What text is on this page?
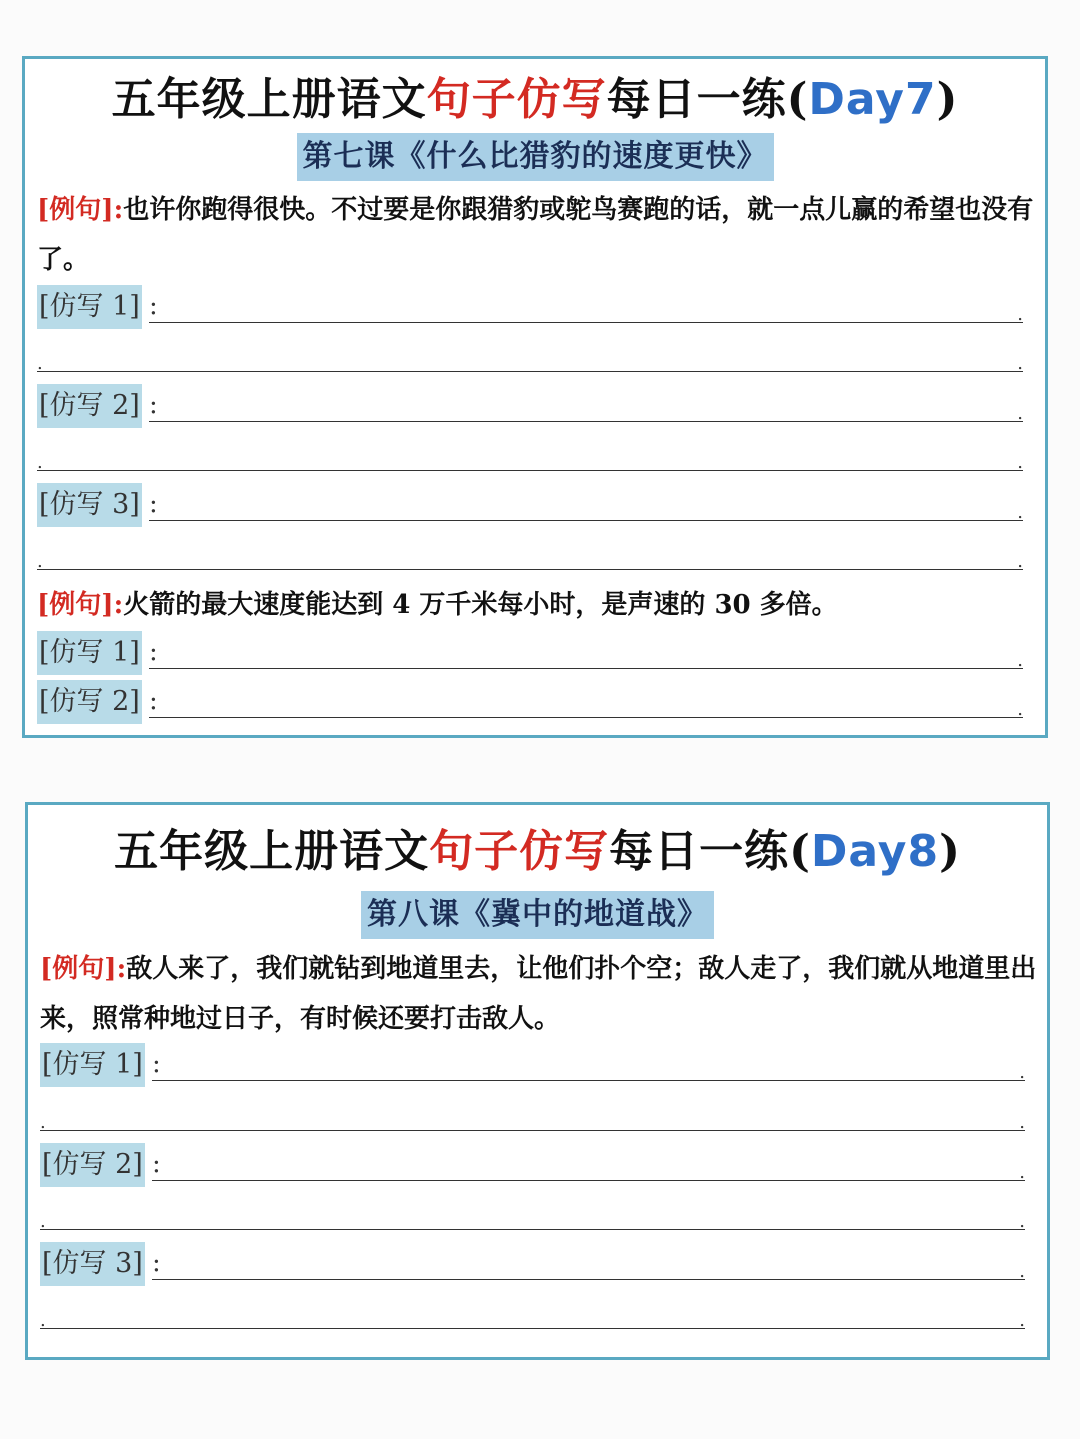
五年级上册语文句子仿写每日一练(Day7)
第七课《什么比猎豹的速度更快》
[例句]:也许你跑得很快。不过要是你跟猎豹或鸵鸟赛跑的话，就一点儿赢的希望也没有了。
[仿写 1] :	.
.	.
[仿写 2] :	.
.	.
[仿写 3] :	.
.	.
[例句]:火箭的最大速度能达到 4 万千米每小时，是声速的 30 多倍。
[仿写 1] :	.
[仿写 2] :	.
五年级上册语文句子仿写每日一练(Day8)
第八课《冀中的地道战》
[例句]:敌人来了，我们就钻到地道里去，让他们扑个空；敌人走了，我们就从地道里出来，照常种地过日子，有时候还要打击敌人。
[仿写 1] :	.
.	.
[仿写 2] :	.
.	.
[仿写 3] :	.
.	.
